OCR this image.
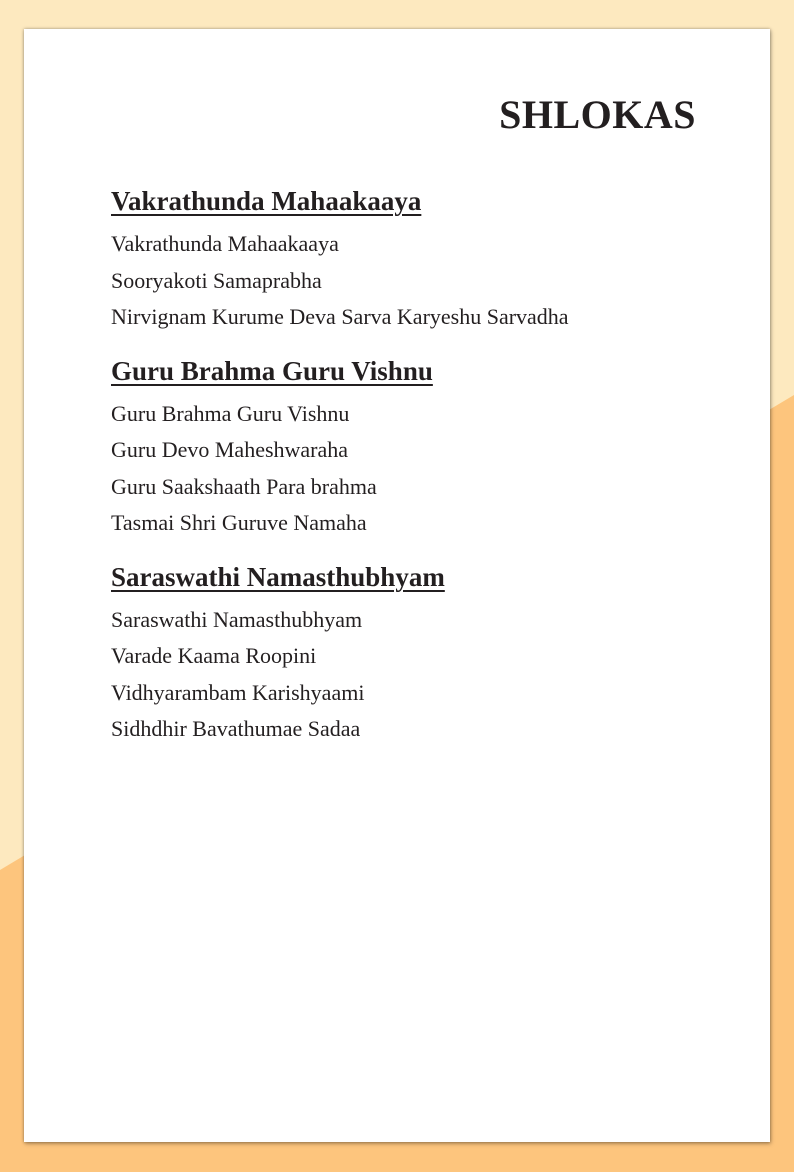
SHLOKAS
Vakrathunda Mahaakaaya

Vakrathunda Mahaakaaya

Sooryakoti Samaprabha

Nirvignam Kurume Deva Sarva Karyeshu Sarvadha

Guru Brahma Guru Vishnu

Guru Brahma Guru Vishnu

Guru Devo Maheshwaraha

Guru Saakshaath Para brahma

Tasmai Shri Guruve Namaha

Saraswathi Namasthubhyam

Saraswathi Namasthubhyam

Varade Kaama Roopini

Vidhyarambam Karishyaami

Sidhdhir Bavathumae Sadaa
